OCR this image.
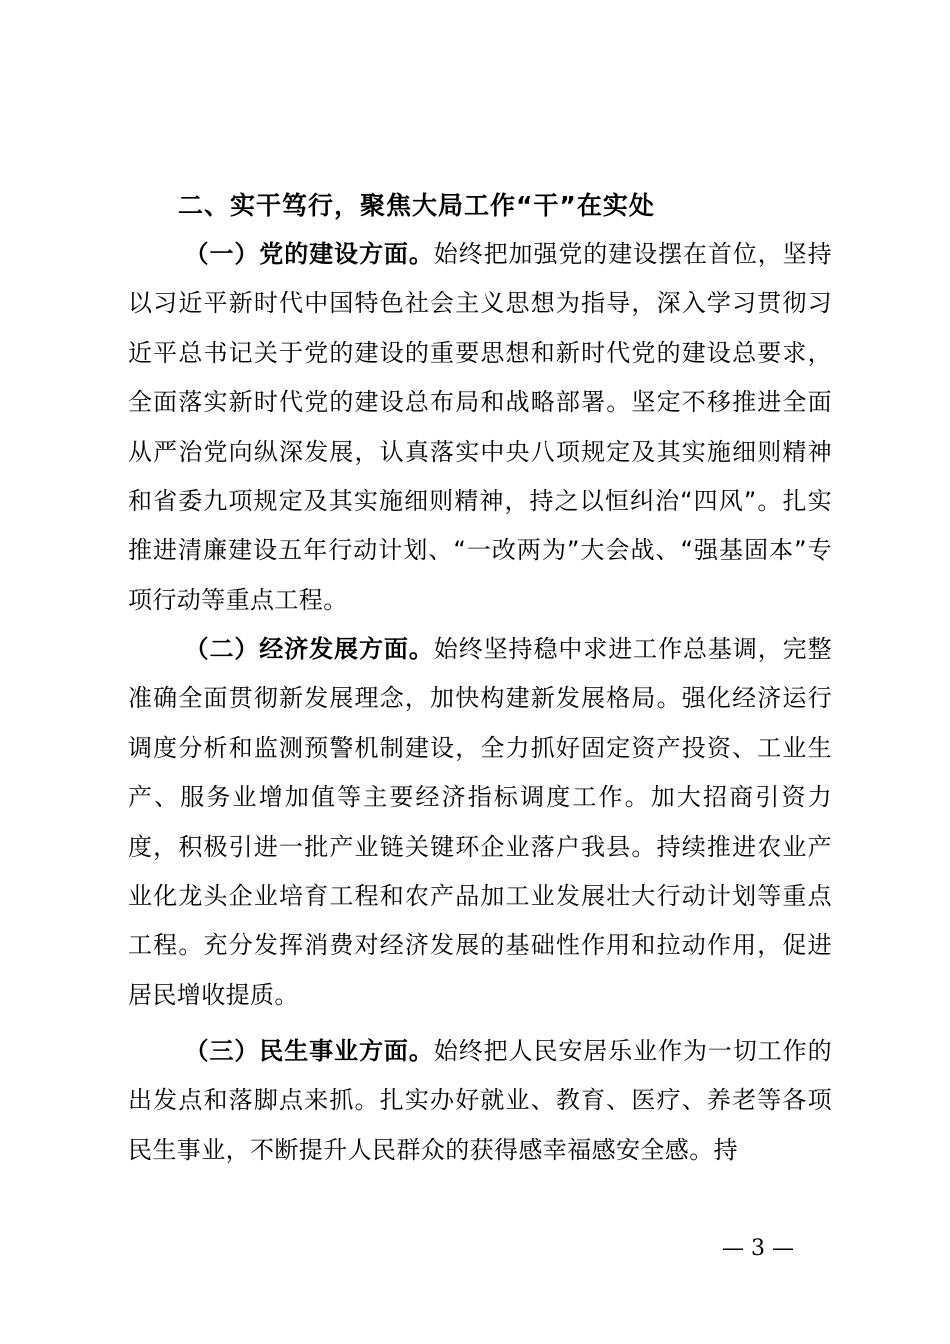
二、实干笃行，聚焦大局工作“干”在实处

（一）党的建设方面。始终把加强党的建设摆在首位，坚持以习近平新时代中国特色社会主义思想为指导，深入学习贯彻习近平总书记关于党的建设的重要思想和新时代党的建设总要求，全面落实新时代党的建设总布局和战略部署。坚定不移推进全面从严治党向纵深发展，认真落实中央八项规定及其实施细则精神和省委九项规定及其实施细则精神，持之以恒纠治“四风”。扎实推进清廉建设五年行动计划、“一改两为”大会战、“强基固本”专项行动等重点工程。

（二）经济发展方面。始终坚持稳中求进工作总基调，完整准确全面贯彻新发展理念，加快构建新发展格局。强化经济运行调度分析和监测预警机制建设，全力抓好固定资产投资、工业生产、服务业增加值等主要经济指标调度工作。加大招商引资力度，积极引进一批产业链关键环企业落户我县。持续推进农业产业化龙头企业培育工程和农产品加工业发展壮大行动计划等重点工程。充分发挥消费对经济发展的基础性作用和拉动作用，促进居民增收提质。

（三）民生事业方面。始终把人民安居乐业作为一切工作的出发点和落脚点来抓。扎实办好就业、教育、医疗、养老等各项民生事业，不断提升人民群众的获得感幸福感安全感。持

— 3 —
